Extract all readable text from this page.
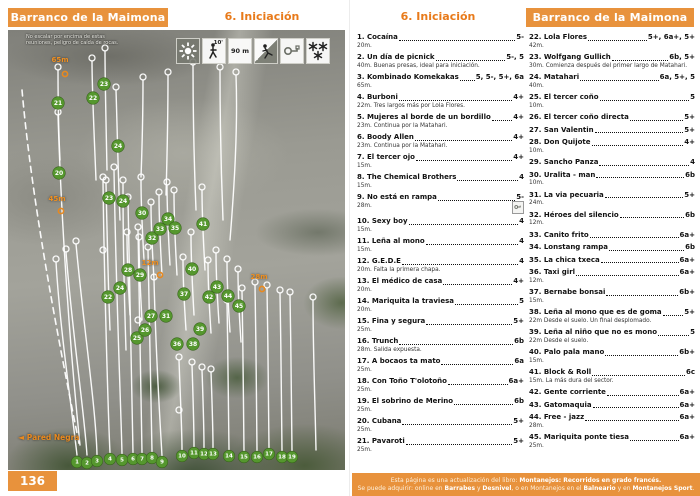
Barranco de la Maimona	6. Iniciación	6. Iniciación	Barranco de la Maimona
No escalar por encima de estas reuniones, peligro de caída de rocas.	10'
90 m
20
21
22
23
24
23 24
22
24
25
26
27
28
29
30
31
32
33
34
35
36
37
38
39
40
41
42
43
44
45
1	2	3	4	5	6 7	8
9
10 11 12 13	14	15 16 17 18 19
65m
45m
12m
28m
◄ Pared Negra
136
1. Cocaína	5-
20m.
2. Un día de picnick	5-, 5
40m. Buenas presas, ideal para iniciación.
3. Kombinado Komekakas 5, 5-, 5+, 6a
65m.
4. Burboni	4+
22m. Tres largos más por Lola Flores.
5. Mujeres al borde de un bordillo	4+
23m. Continua por la Matahari.
6. Boody Allen	4+
23m. Continua por la Matahari.
7. El tercer ojo	4+
15m.
8. The Chemical Brothers	4
15m.
9. No está en rampa	5-
28m.
10. Sexy boy	4
15m.
11. Leña al mono	4
15m.
12. G.E.D.E	4
20m. Falta la primera chapa.
13. El médico de casa	4+
20m.
14. Mariquita la traviesa	5
20m.
15. Fina y segura	5+
25m.
16. Trunch	6b
28m. Salida expuesta.
17. A bocaos ta mato	6a
25m.
18. Con Toño T'olotoño	6a+
25m.
19. El sobrino de Merino	6b
25m.
20. Cubana	5+
25m.
21. Pavaroti	5+
25m.
22. Lola Flores	5+, 6a+, 5+
42m.
23. Wolfgang Gullich	6b, 5+
30m. Comienza después del primer largo de Matahari.
24. Matahari	6a, 5+, 5
40m.
25. El tercer coño	5
10m.
26. El tercer coño directa	5+
27. San Valentin	5+
28. Don Quijote	4+
10m.
29. Sancho Panza	4
30. Uralita - man	6b
10m.
31. La via pecuaria	5+
24m.
32. Héroes del silencio	6b
12m.
33. Canito frito	6a+
34. Lonstang rampa	6b
35. La chica txeca	6a+
36. Taxi girl	6a+
12m.
37. Bernabe bonsai	6b+
15m.
38. Leña al mono que es de goma	5+
22m Desde el suelo. Un final desplomado.
39. Leña al niño que no es mono	5
22m Desde el suelo.
40. Palo pala mano	6b+
15m.
41. Block & Roll	6c
15m. La más dura del sector.
42. Gente corriente	6a+
43. Gatomaquia	6a+
44. Free - jazz	6a+
28m.
45. Mariquita ponte tiesa	6a+
25m.
Esta página es una actualización del libro: Montanejos: Recorridos en grado francés.
Se puede adquirir: online en Barrabes y Desnivel, o en Montanejos en el Balneario y en Montanejos Sport.
